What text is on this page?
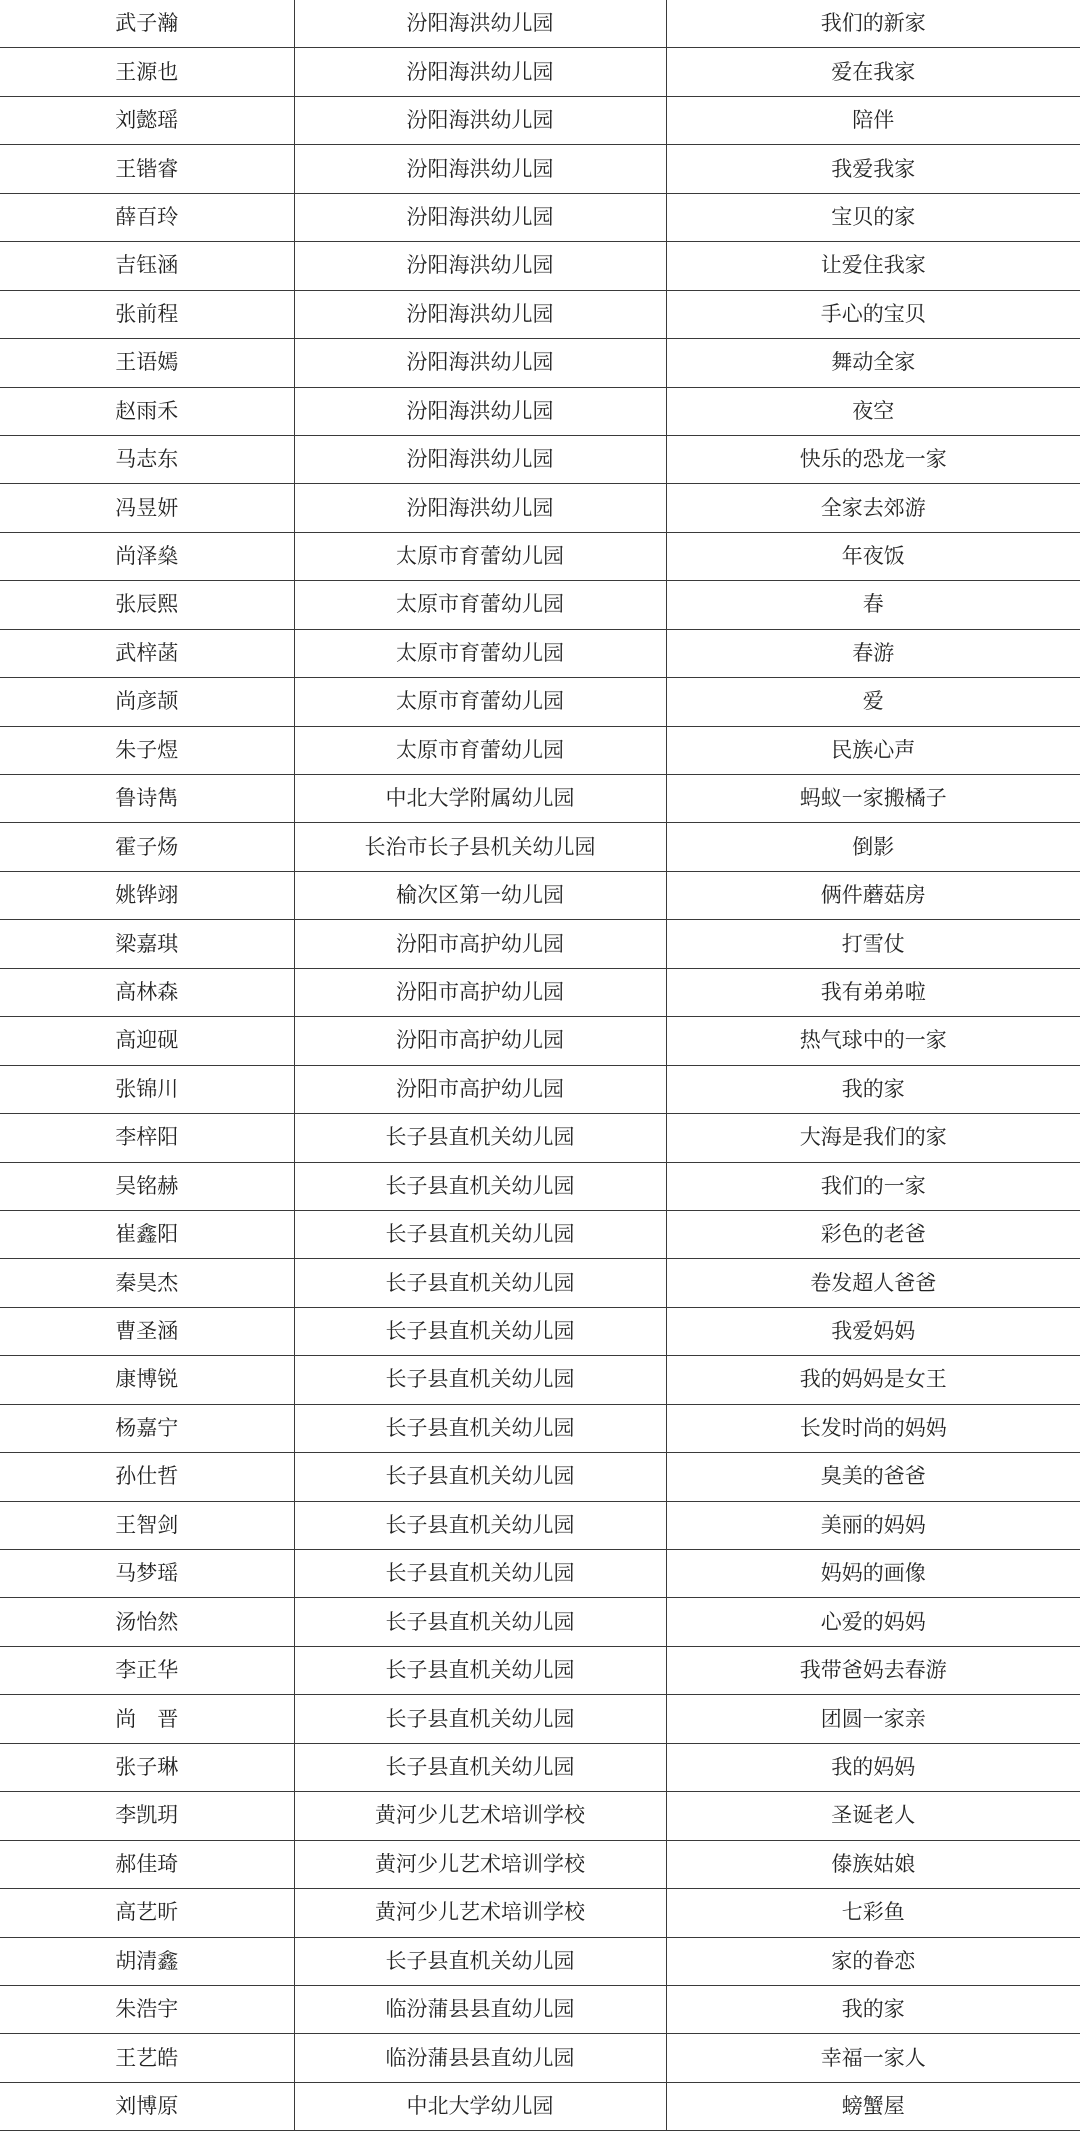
武子瀚	汾阳海洪幼儿园	我们的新家
王源也	汾阳海洪幼儿园	爱在我家
刘懿瑶	汾阳海洪幼儿园	陪伴
王锴睿	汾阳海洪幼儿园	我爱我家
薛百玲	汾阳海洪幼儿园	宝贝的家
吉钰涵	汾阳海洪幼儿园	让爱住我家
张前程	汾阳海洪幼儿园	手心的宝贝
王语嫣	汾阳海洪幼儿园	舞动全家
赵雨禾	汾阳海洪幼儿园	夜空
马志东	汾阳海洪幼儿园	快乐的恐龙一家
冯昱妍	汾阳海洪幼儿园	全家去郊游
尚泽燊	太原市育蕾幼儿园	年夜饭
张辰熙	太原市育蕾幼儿园	春
武梓菡	太原市育蕾幼儿园	春游
尚彦颉	太原市育蕾幼儿园	爱
朱子煜	太原市育蕾幼儿园	民族心声
鲁诗雋	中北大学附属幼儿园	蚂蚁一家搬橘子
霍子炀	长治市长子县机关幼儿园	倒影
姚铧翊	榆次区第一幼儿园	俩件蘑菇房
梁嘉琪	汾阳市高护幼儿园	打雪仗
高林森	汾阳市高护幼儿园	我有弟弟啦
高迎砚	汾阳市高护幼儿园	热气球中的一家
张锦川	汾阳市高护幼儿园	我的家
李梓阳	长子县直机关幼儿园	大海是我们的家
吴铭赫	长子县直机关幼儿园	我们的一家
崔鑫阳	长子县直机关幼儿园	彩色的老爸
秦昊杰	长子县直机关幼儿园	卷发超人爸爸
曹圣涵	长子县直机关幼儿园	我爱妈妈
康博锐	长子县直机关幼儿园	我的妈妈是女王
杨嘉宁	长子县直机关幼儿园	长发时尚的妈妈
孙仕哲	长子县直机关幼儿园	臭美的爸爸
王智剑	长子县直机关幼儿园	美丽的妈妈
马梦瑶	长子县直机关幼儿园	妈妈的画像
汤怡然	长子县直机关幼儿园	心爱的妈妈
李正华	长子县直机关幼儿园	我带爸妈去春游
尚　晋	长子县直机关幼儿园	团圆一家亲
张子琳	长子县直机关幼儿园	我的妈妈
李凯玥	黄河少儿艺术培训学校	圣诞老人
郝佳琦	黄河少儿艺术培训学校	傣族姑娘
高艺昕	黄河少儿艺术培训学校	七彩鱼
胡清鑫	长子县直机关幼儿园	家的眷恋
朱浩宇	临汾蒲县县直幼儿园	我的家
王艺皓	临汾蒲县县直幼儿园	幸福一家人
刘博原	中北大学幼儿园	螃蟹屋
